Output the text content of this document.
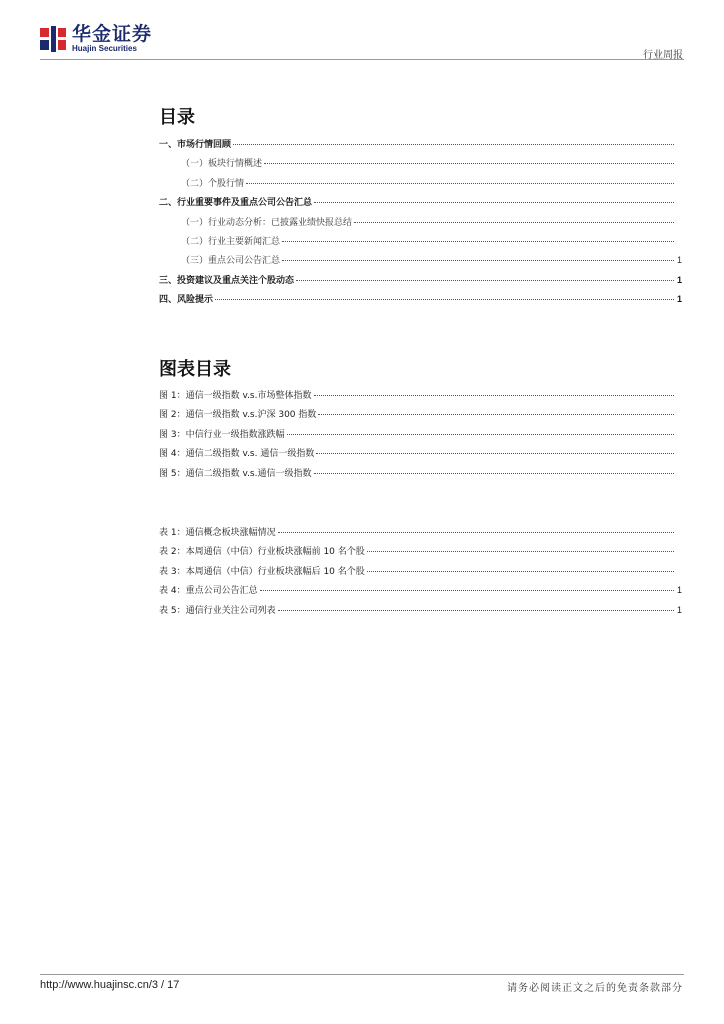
华金证券
Huajin Securities
行业周报
目录
一、市场行情回顾
（一）板块行情概述
（二）个股行情
二、行业重要事件及重点公司公告汇总
（一）行业动态分析：已披露业绩快报总结
（二）行业主要新闻汇总
（三）重点公司公告汇总	1
三、投资建议及重点关注个股动态	1
四、风险提示	1
图表目录
图 1：通信一级指数 v.s.市场整体指数
图 2：通信一级指数 v.s.沪深 300 指数
图 3：中信行业一级指数涨跌幅
图 4：通信二级指数 v.s. 通信一级指数
图 5：通信二级指数 v.s.通信一级指数
表 1：通信概念板块涨幅情况
表 2：本周通信（中信）行业板块涨幅前 10 名个股
表 3：本周通信（中信）行业板块涨幅后 10 名个股
表 4：重点公司公告汇总	1
表 5：通信行业关注公司列表	1
http://www.huajinsc.cn/3 / 17	请务必阅读正文之后的免责条款部分
